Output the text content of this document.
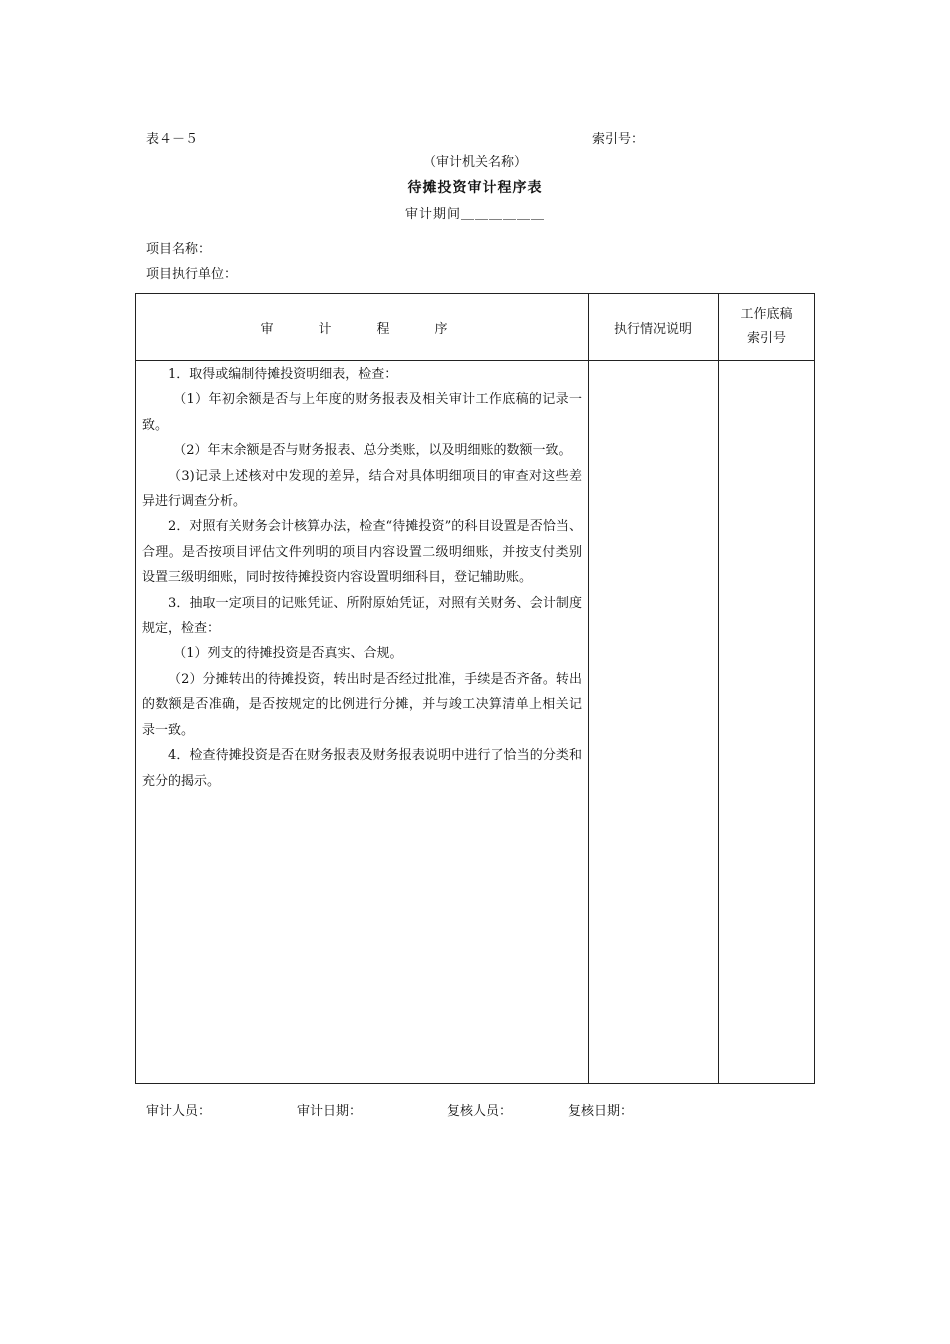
表４－５	索引号：
（审计机关名称）
待摊投资审计程序表
审计期间＿＿＿＿＿＿
项目名称：
项目执行单位：
审　计　程　序	执行情况说明
工作底稿
索引号

1．取得或编制待摊投资明细表，检查：

（1）年初余额是否与上年度的财务报表及相关审计工作底稿的记录一致。

（2）年末余额是否与财务报表、总分类账，以及明细账的数额一致。

（3)记录上述核对中发现的差异，结合对具体明细项目的审查对这些差异进行调查分析。

2．对照有关财务会计核算办法，检查“待摊投资”的科目设置是否恰当、合理。是否按项目评估文件列明的项目内容设置二级明细账，并按支付类别设置三级明细账，同时按待摊投资内容设置明细科目，登记辅助账。

3．抽取一定项目的记账凭证、所附原始凭证，对照有关财务、会计制度规定，检查：

（1）列支的待摊投资是否真实、合规。

（2）分摊转出的待摊投资，转出时是否经过批准，手续是否齐备。转出的数额是否准确，是否按规定的比例进行分摊，并与竣工决算清单上相关记录一致。

4．检查待摊投资是否在财务报表及财务报表说明中进行了恰当的分类和充分的揭示。

审计人员：	审计日期：	复核人员：	复核日期：
